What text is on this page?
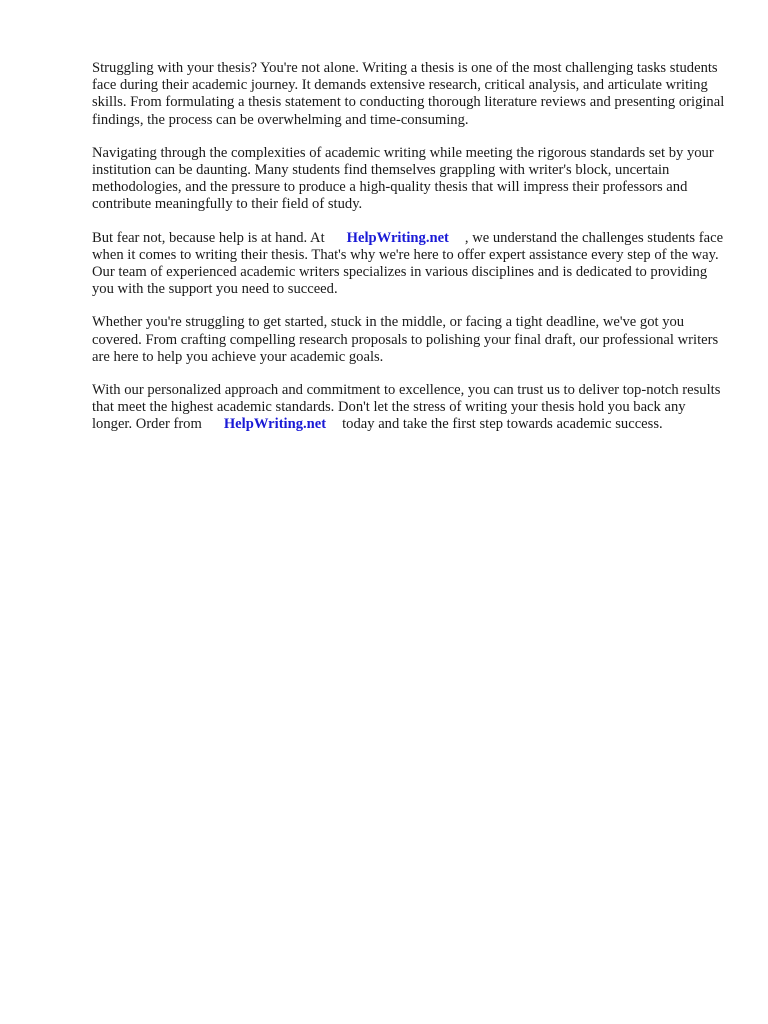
Struggling with your thesis? You're not alone. Writing a thesis is one of the most challenging tasks students face during their academic journey. It demands extensive research, critical analysis, and articulate writing skills. From formulating a thesis statement to conducting thorough literature reviews and presenting original findings, the process can be overwhelming and time-consuming.

Navigating through the complexities of academic writing while meeting the rigorous standards set by your institution can be daunting. Many students find themselves grappling with writer's block, uncertain methodologies, and the pressure to produce a high-quality thesis that will impress their professors and contribute meaningfully to their field of study.

But fear not, because help is at hand. At HelpWriting.net , we understand the challenges students face when it comes to writing their thesis. That's why we're here to offer expert assistance every step of the way. Our team of experienced academic writers specializes in various disciplines and is dedicated to providing you with the support you need to succeed.

Whether you're struggling to get started, stuck in the middle, or facing a tight deadline, we've got you covered. From crafting compelling research proposals to polishing your final draft, our professional writers are here to help you achieve your academic goals.

With our personalized approach and commitment to excellence, you can trust us to deliver top-notch results that meet the highest academic standards. Don't let the stress of writing your thesis hold you back any longer. Order from HelpWriting.net today and take the first step towards academic success.
